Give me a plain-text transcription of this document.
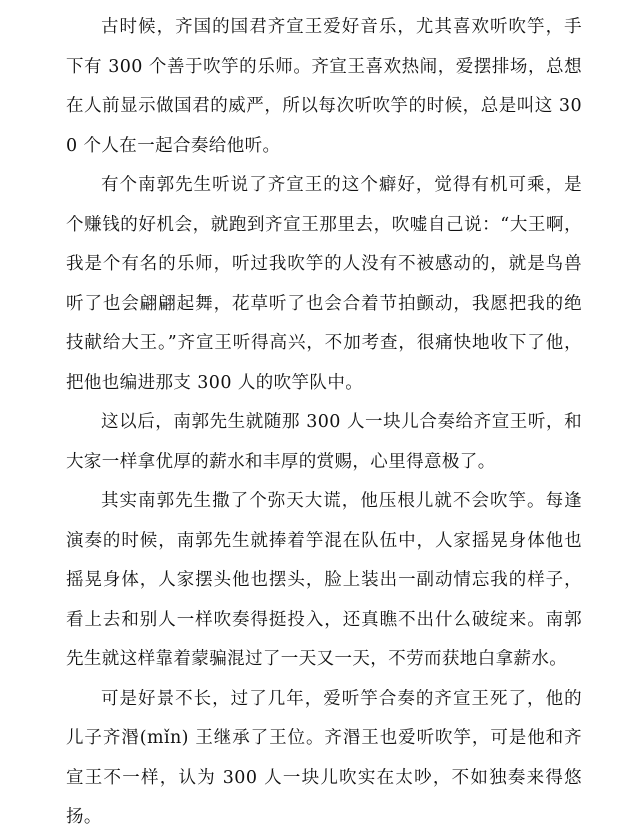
古时候，齐国的国君齐宣王爱好音乐，尤其喜欢听吹竽，手下有 300 个善于吹竽的乐师。齐宣王喜欢热闹，爱摆排场，总想在人前显示做国君的威严，所以每次听吹竽的时候，总是叫这 300 个人在一起合奏给他听。

有个南郭先生听说了齐宣王的这个癖好，觉得有机可乘，是个赚钱的好机会，就跑到齐宣王那里去，吹嘘自己说：“大王啊，我是个有名的乐师，听过我吹竽的人没有不被感动的，就是鸟兽听了也会翩翩起舞，花草听了也会合着节拍颤动，我愿把我的绝技献给大王。”齐宣王听得高兴，不加考查，很痛快地收下了他，把他也编进那支 300 人的吹竽队中。

这以后，南郭先生就随那 300 人一块儿合奏给齐宣王听，和大家一样拿优厚的薪水和丰厚的赏赐，心里得意极了。

其实南郭先生撒了个弥天大谎，他压根儿就不会吹竽。每逢演奏的时候，南郭先生就捧着竽混在队伍中，人家摇晃身体他也摇晃身体，人家摆头他也摆头，脸上装出一副动情忘我的样子，看上去和别人一样吹奏得挺投入，还真瞧不出什么破绽来。南郭先生就这样靠着蒙骗混过了一天又一天，不劳而获地白拿薪水。

可是好景不长，过了几年，爱听竽合奏的齐宣王死了，他的儿子齐湣(mǐn) 王继承了王位。齐湣王也爱听吹竽，可是他和齐宣王不一样，认为 300 人一块儿吹实在太吵，不如独奏来得悠扬。
